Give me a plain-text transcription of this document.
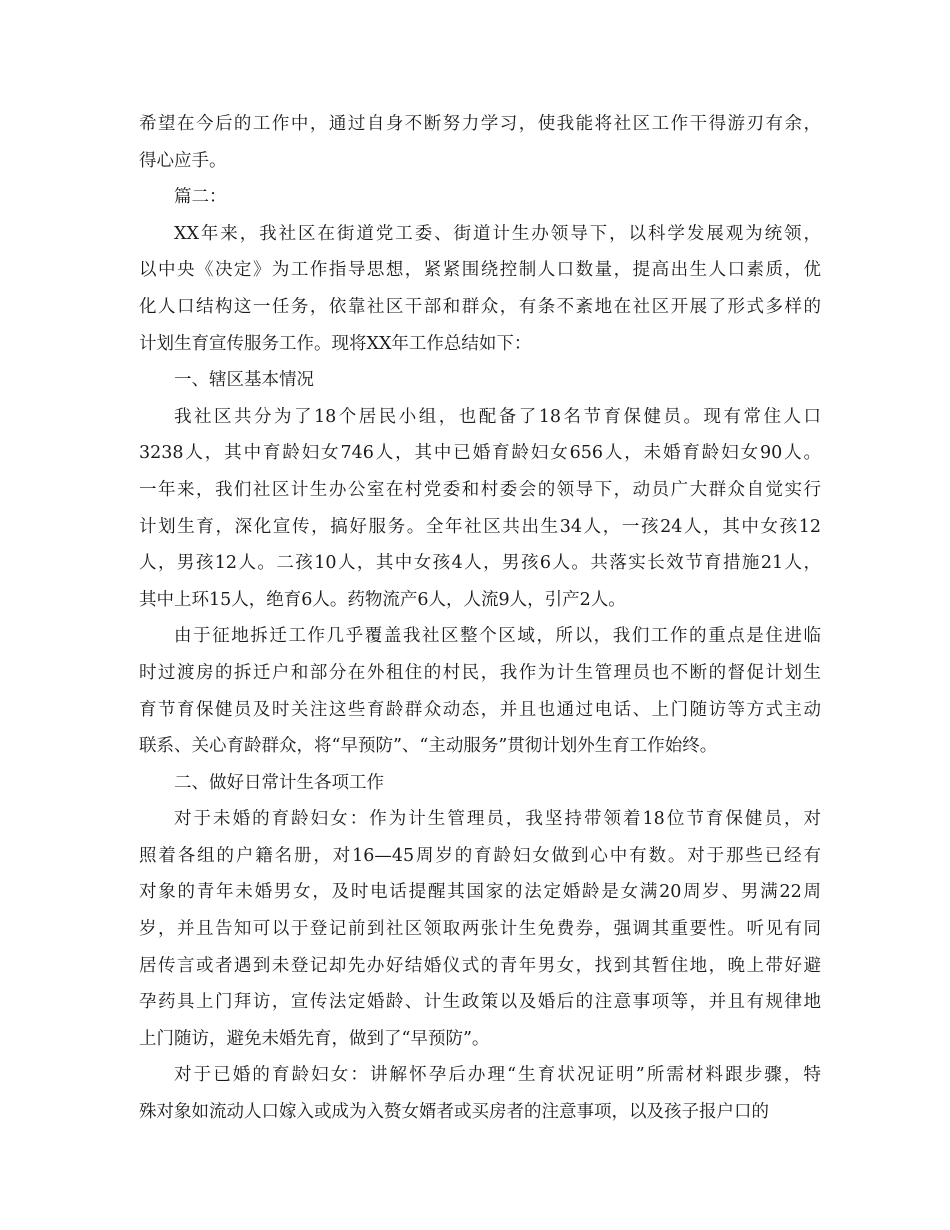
希望在今后的工作中，通过自身不断努力学习，使我能将社区工作干得游刃有余，
得心应手。
篇二：
XX年来，我社区在街道党工委、街道计生办领导下，以科学发展观为统领，
以中央《决定》为工作指导思想，紧紧围绕控制人口数量，提高出生人口素质，优
化人口结构这一任务，依靠社区干部和群众，有条不紊地在社区开展了形式多样的
计划生育宣传服务工作。现将XX年工作总结如下：
一、辖区基本情况
我社区共分为了18个居民小组，也配备了18名节育保健员。现有常住人口
3238人，其中育龄妇女746人，其中已婚育龄妇女656人，未婚育龄妇女90人。
一年来，我们社区计生办公室在村党委和村委会的领导下，动员广大群众自觉实行
计划生育，深化宣传，搞好服务。全年社区共出生34人，一孩24人，其中女孩12
人，男孩12人。二孩10人，其中女孩4人，男孩6人。共落实长效节育措施21人，
其中上环15人，绝育6人。药物流产6人，人流9人，引产2人。
由于征地拆迁工作几乎覆盖我社区整个区域，所以，我们工作的重点是住进临
时过渡房的拆迁户和部分在外租住的村民，我作为计生管理员也不断的督促计划生
育节育保健员及时关注这些育龄群众动态，并且也通过电话、上门随访等方式主动
联系、关心育龄群众，将“早预防”、“主动服务”贯彻计划外生育工作始终。
二、做好日常计生各项工作
对于未婚的育龄妇女：作为计生管理员，我坚持带领着18位节育保健员，对
照着各组的户籍名册，对16—45周岁的育龄妇女做到心中有数。对于那些已经有
对象的青年未婚男女，及时电话提醒其国家的法定婚龄是女满20周岁、男满22周
岁，并且告知可以于登记前到社区领取两张计生免费券，强调其重要性。听见有同
居传言或者遇到未登记却先办好结婚仪式的青年男女，找到其暂住地，晚上带好避
孕药具上门拜访，宣传法定婚龄、计生政策以及婚后的注意事项等，并且有规律地
上门随访，避免未婚先育，做到了“早预防”。
对于已婚的育龄妇女：讲解怀孕后办理“生育状况证明”所需材料跟步骤，特
殊对象如流动人口嫁入或成为入赘女婿者或买房者的注意事项，以及孩子报户口的
